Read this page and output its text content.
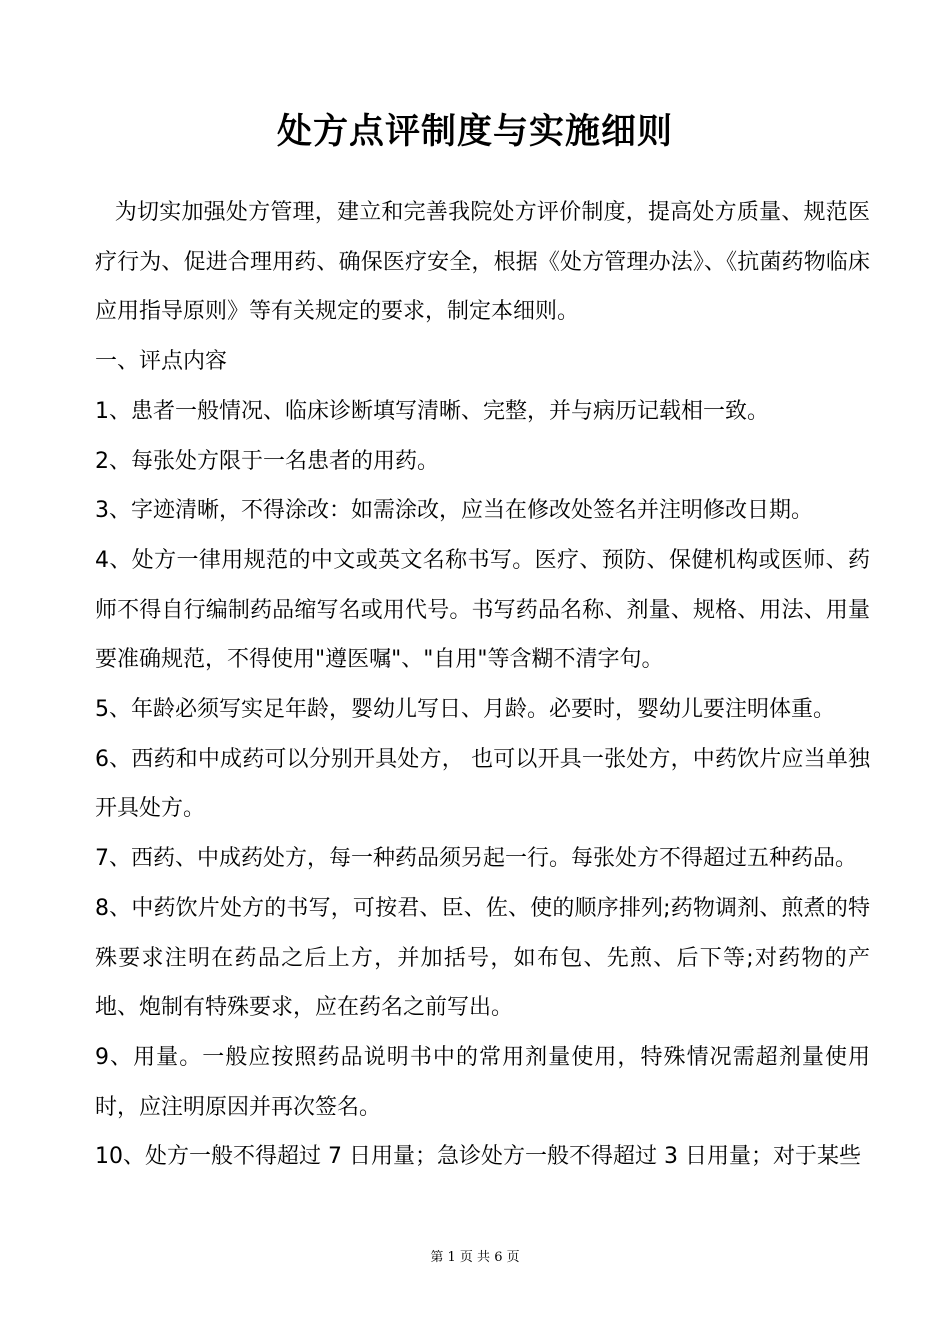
处方点评制度与实施细则

为切实加强处方管理，建立和完善我院处方评价制度，提高处方质量、规范医疗行为、促进合理用药、确保医疗安全，根据《处方管理办法》、《抗菌药物临床应用指导原则》等有关规定的要求，制定本细则。

一、评点内容

1、患者一般情况、临床诊断填写清晰、完整，并与病历记载相一致。

2、每张处方限于一名患者的用药。

3、字迹清晰，不得涂改：如需涂改，应当在修改处签名并注明修改日期。

4、处方一律用规范的中文或英文名称书写。医疗、预防、保健机构或医师、药师不得自行编制药品缩写名或用代号。书写药品名称、剂量、规格、用法、用量要准确规范，不得使用"遵医嘱"、"自用"等含糊不清字句。

5、年龄必须写实足年龄，婴幼儿写日、月龄。必要时，婴幼儿要注明体重。

6、西药和中成药可以分别开具处方， 也可以开具一张处方，中药饮片应当单独开具处方。

7、西药、中成药处方，每一种药品须另起一行。每张处方不得超过五种药品。

8、中药饮片处方的书写，可按君、臣、佐、使的顺序排列;药物调剂、煎煮的特殊要求注明在药品之后上方，并加括号，如布包、先煎、后下等;对药物的产地、炮制有特殊要求，应在药名之前写出。

9、用量。一般应按照药品说明书中的常用剂量使用，特殊情况需超剂量使用时，应注明原因并再次签名。

10、处方一般不得超过 7 日用量；急诊处方一般不得超过 3 日用量；对于某些

第 1 页 共 6 页
